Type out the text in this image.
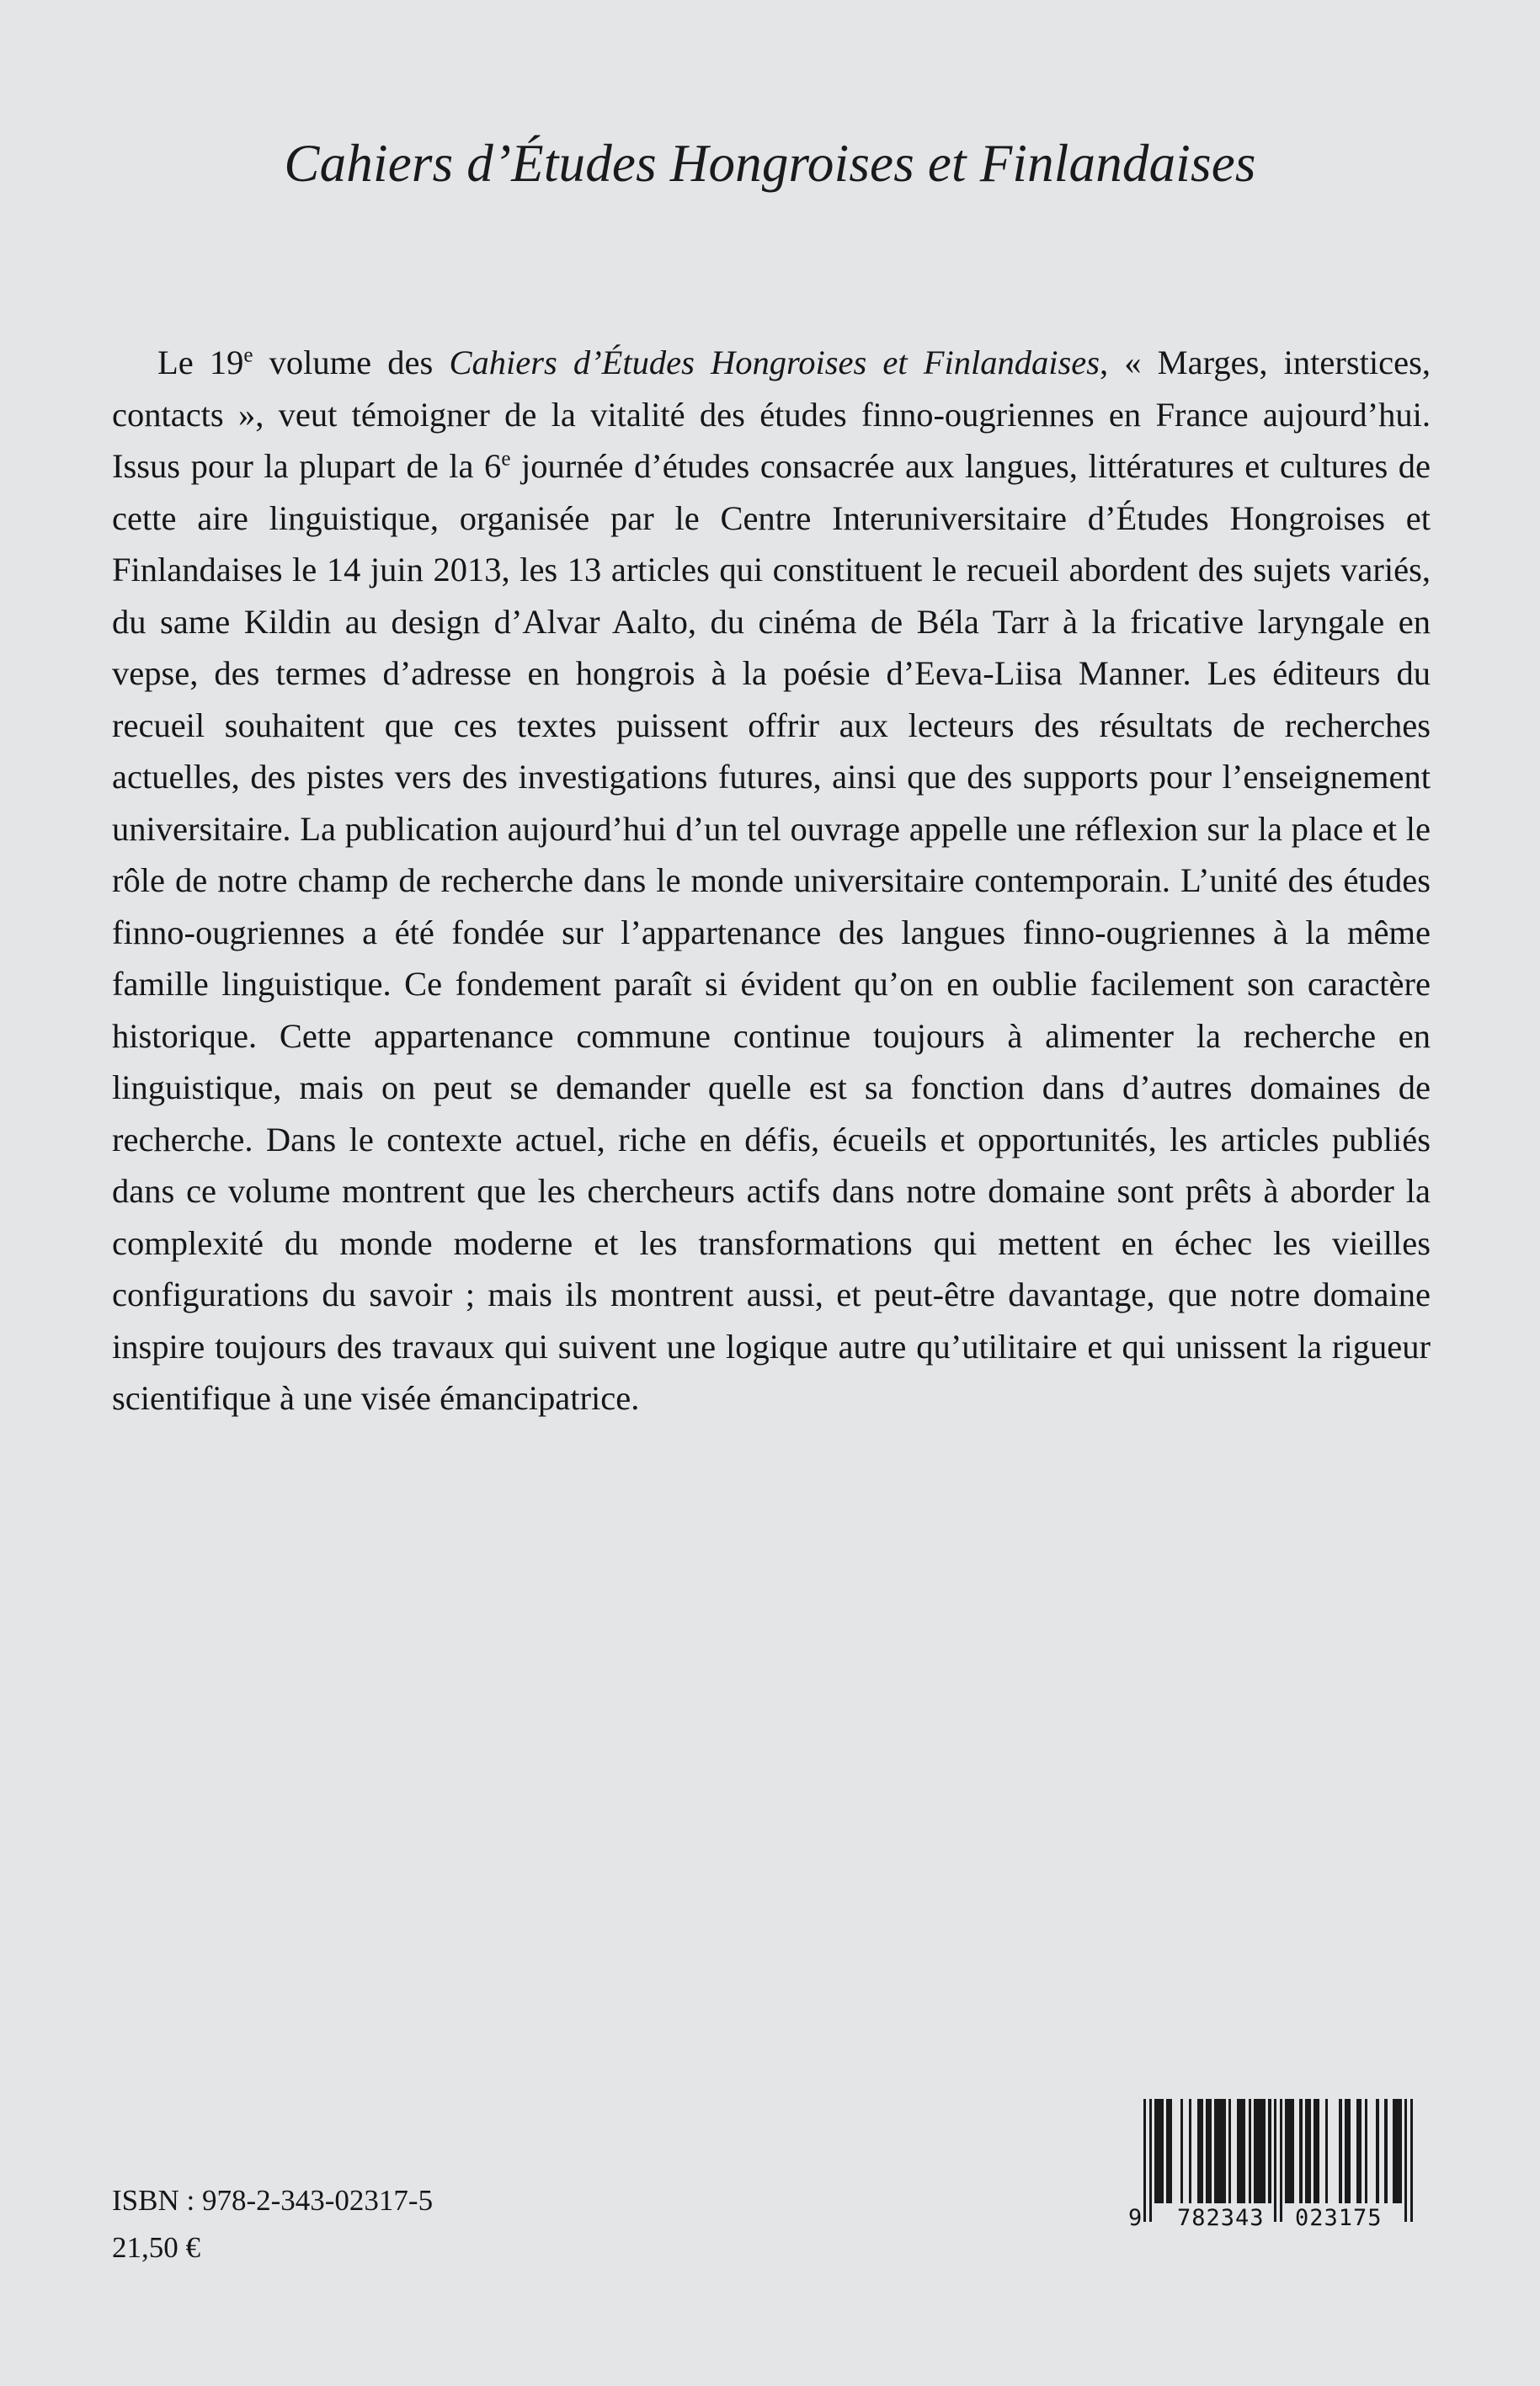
Cahiers d’Études Hongroises et Finlandaises

Le 19e volume des Cahiers d’Études Hongroises et Finlandaises, « Marges, interstices, contacts », veut témoigner de la vitalité des études finno-ougriennes en France aujourd’hui. Issus pour la plupart de la 6e journée d’études consacrée aux langues, littératures et cultures de cette aire linguistique, organisée par le Centre Interuniversitaire d’Études Hongroises et Finlandaises le 14 juin 2013, les 13 articles qui constituent le recueil abordent des sujets variés, du same Kildin au design d’Alvar Aalto, du cinéma de Béla Tarr à la fricative laryngale en vepse, des termes d’adresse en hongrois à la poésie d’Eeva-Liisa Manner. Les éditeurs du recueil souhaitent que ces textes puissent offrir aux lecteurs des résultats de recherches actuelles, des pistes vers des investigations futures, ainsi que des supports pour l’enseignement universitaire. La publication aujourd’hui d’un tel ouvrage appelle une réflexion sur la place et le rôle de notre champ de recherche dans le monde universitaire contemporain. L’unité des études finno-ougriennes a été fondée sur l’appartenance des langues finno-ougriennes à la même famille linguistique. Ce fondement paraît si évident qu’on en oublie facilement son caractère historique. Cette appartenance commune continue toujours à alimenter la recherche en linguistique, mais on peut se demander quelle est sa fonction dans d’autres domaines de recherche. Dans le contexte actuel, riche en défis, écueils et opportunités, les articles publiés dans ce volume montrent que les chercheurs actifs dans notre domaine sont prêts à aborder la complexité du monde moderne et les transformations qui mettent en échec les vieilles configurations du savoir ; mais ils montrent aussi, et peut-être davantage, que notre domaine inspire toujours des travaux qui suivent une logique autre qu’utilitaire et qui unissent la rigueur scientifique à une visée émancipatrice.

ISBN : 978-2-343-02317-5
21,50 €
9 782343 023175
